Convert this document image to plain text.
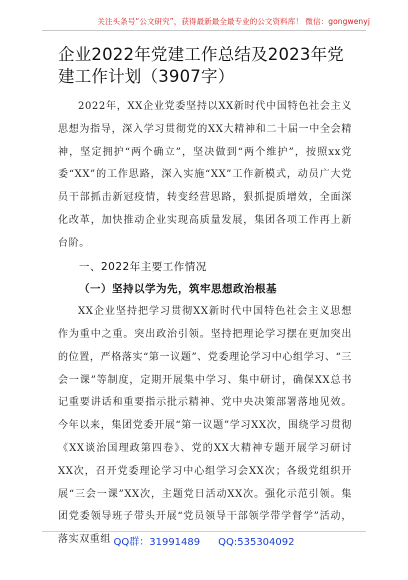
关注头条号“公文研究”，获得最新最全最专业的公文资料库！ 微信：gongwenyj
企业2022年党建工作总结及2023年党建工作计划（3907字）

2022年，XX企业党委坚持以XX新时代中国特色社会主义思想为指导，深入学习贯彻党的XX大精神和二十届一中全会精神，坚定拥护“两个确立”，坚决做到“两个维护”，按照xx党委“XX”的工作思路，深入实施“XX”工作新模式，动员广大党员干部抓击新冠疫情，转变经营思路，狠抓提质增效，全面深化改革，加快推动企业实现高质量发展，集团各项工作再上新台阶。

一、2022年主要工作情况

（一）坚持以学为先，筑牢思想政治根基

XX企业坚持把学习贯彻XX新时代中国特色社会主义思想作为重中之重。突出政治引领。坚持把理论学习摆在更加突出的位置，严格落实“第一议题”、党委理论学习中心组学习、“三会一课”等制度，定期开展集中学习、集中研讨，确保XX总书记重要讲话和重要指示批示精神、党中央决策部署落地见效。今年以来，集团党委开展“第一议题”学习XX次，围绕学习贯彻《XX谈治国理政第四卷》、党的XX大精神专题开展学习研讨XX次，召开党委理论学习中心组学习会XX次；各级党组织开展“三会一课”XX次，主题党日活动XX次。强化示范引领。集团党委领导班子带头开展“党员领导干部领学带学督学”活动，落实双重组 QQ群：31991489 QQ:535304092
